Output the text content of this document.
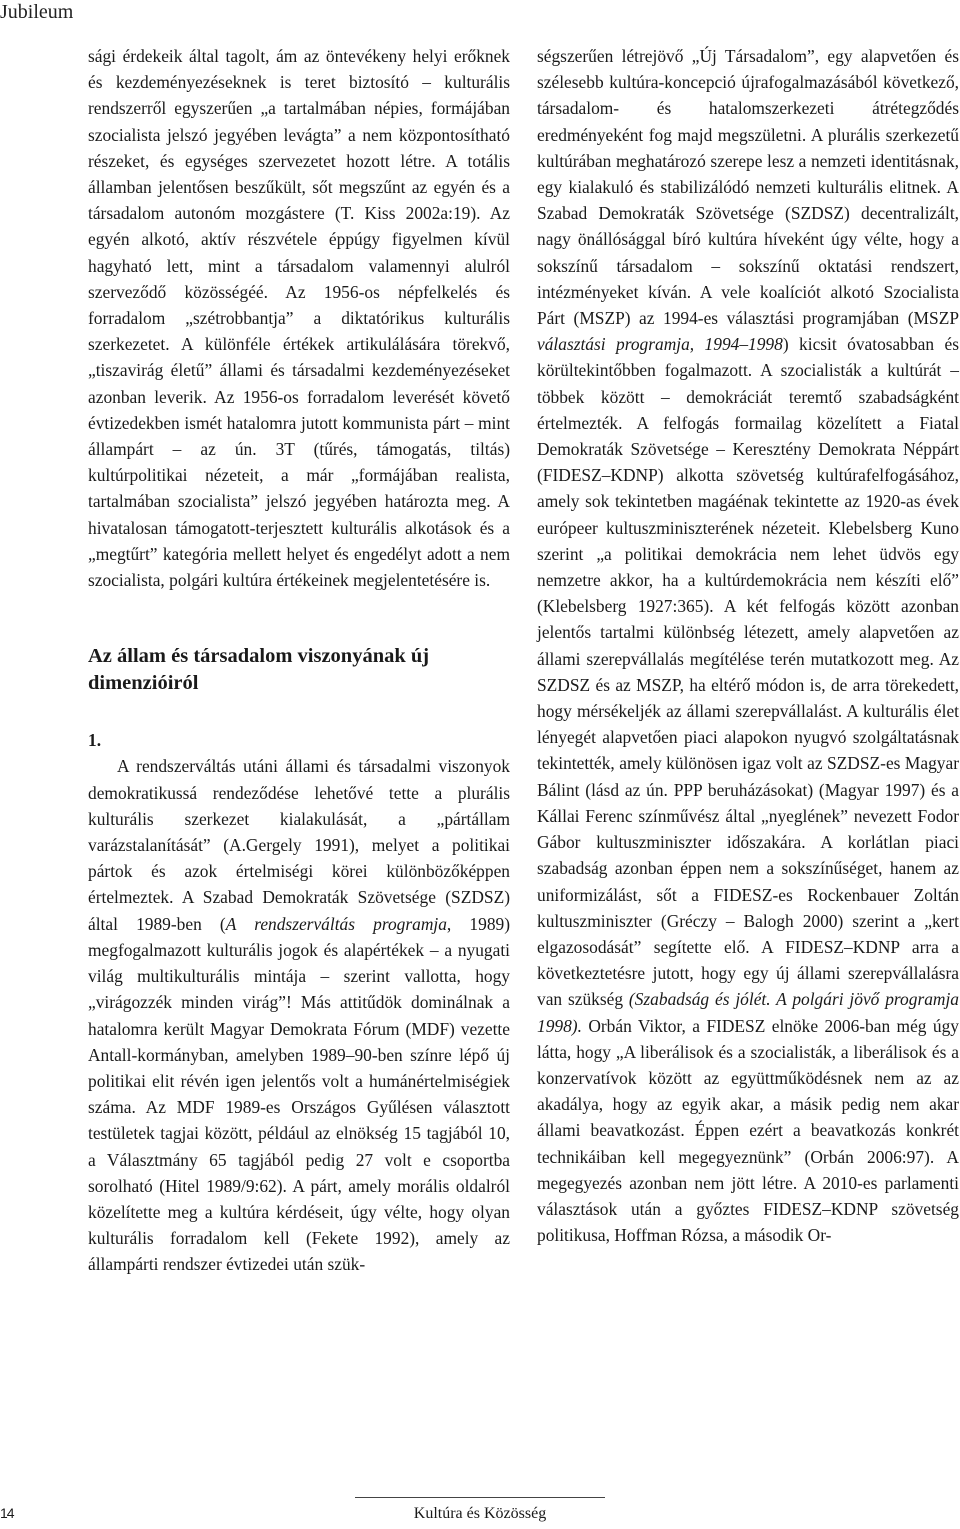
Jubileum

sági érdekeik által tagolt, ám az öntevékeny helyi erőknek és kezdeményezéseknek is teret biztosító – kulturális rendszerről egyszerűen „a tartalmában népies, formájában szocialista jelszó jegyében levágta” a nem központosítható részeket, és egységes szervezetet hozott létre. A totális államban jelentősen beszűkült, sőt megszűnt az egyén és a társadalom autonóm mozgástere (T. Kiss 2002a:19). Az egyén alkotó, aktív részvétele éppúgy figyelmen kívül hagyható lett, mint a társadalom valamennyi alulról szerveződő közösségéé. Az 1956-os népfelkelés és forradalom „szétrobbantja” a diktatórikus kulturális szerkezetet. A különféle értékek artikulálására törekvő, „tiszavirág életű” állami és társadalmi kezdeményezéseket azonban leverik. Az 1956-os forradalom leverését követő évtizedekben ismét hatalomra jutott kommunista párt – mint állampárt – az ún. 3T (tűrés, támogatás, tiltás) kultúrpolitikai nézeteit, a már „formájában realista, tartalmában szocialista” jelszó jegyében határozta meg. A hivatalosan támogatott-terjesztett kulturális alkotások és a „megtűrt” kategória mellett helyet és engedélyt adott a nem szocialista, polgári kultúra értékeinek megjelentetésére is.

Az állam és társadalom viszonyának új dimenzióiról

1.

A rendszerváltás utáni állami és társadalmi viszonyok demokratikussá rendeződése lehetővé tette a plurális kulturális szerkezet kialakulását, a „pártállam varázstalanítását” (A.Gergely 1991), melyet a politikai pártok és azok értelmiségi körei különbözőképpen értelmeztek. A Szabad Demokraták Szövetsége (SZDSZ) által 1989-ben (A rendszerváltás programja, 1989) megfogalmazott kulturális jogok és alapértékek – a nyugati világ multikulturális mintája – szerint vallotta, hogy „virágozzék minden virág”! Más attitűdök dominálnak a hatalomra került Magyar Demokrata Fórum (MDF) vezette Antall-kormányban, amelyben 1989–90-ben színre lépő új politikai elit révén igen jelentős volt a humánértelmiségiek száma. Az MDF 1989-es Országos Gyűlésen választott testületek tagjai között, például az elnökség 15 tagjából 10, a Választmány 65 tagjából pedig 27 volt e csoportba sorolható (Hitel 1989/9:62). A párt, amely morális oldalról közelítette meg a kultúra kérdéseit, úgy vélte, hogy olyan kulturális forradalom kell (Fekete 1992), amely az állampárti rendszer évtizedei után szük-

ségszerűen létrejövő „Új Társadalom”, egy alapvetően és szélesebb kultúra-koncepció újrafogalmazásából következő, társadalom- és hatalomszerkezeti átrétegződés eredményeként fog majd megszületni. A plurális szerkezetű kultúrában meghatározó szerepe lesz a nemzeti identitásnak, egy kialakuló és stabilizálódó nemzeti kulturális elitnek. A Szabad Demokraták Szövetsége (SZDSZ) decentralizált, nagy önállósággal bíró kultúra híveként úgy vélte, hogy a sokszínű társadalom – sokszínű oktatási rendszert, intézményeket kíván. A vele koalíciót alkotó Szocialista Párt (MSZP) az 1994-es választási programjában (MSZP választási programja, 1994–1998) kicsit óvatosabban és körültekintőbben fogalmazott. A szocialisták a kultúrát – többek között – demokráciát teremtő szabadságként értelmezték. A felfogás formailag közelített a Fiatal Demokraták Szövetsége – Keresztény Demokrata Néppárt (FIDESZ–KDNP) alkotta szövetség kultúrafelfogásához, amely sok tekintetben magáénak tekintette az 1920-as évek európeer kultuszminiszterének nézeteit. Klebelsberg Kuno szerint „a politikai demokrácia nem lehet üdvös egy nemzetre akkor, ha a kultúrdemokrácia nem készíti elő” (Klebelsberg 1927:365). A két felfogás között azonban jelentős tartalmi különbség létezett, amely alapvetően az állami szerepvállalás megítélése terén mutatkozott meg. Az SZDSZ és az MSZP, ha eltérő módon is, de arra törekedett, hogy mérsékeljék az állami szerepvállalást. A kulturális élet lényegét alapvetően piaci alapokon nyugvó szolgáltatásnak tekintették, amely különösen igaz volt az SZDSZ-es Magyar Bálint (lásd az ún. PPP beruházásokat) (Magyar 1997) és a Kállai Ferenc színművész által „nyeglének” nevezett Fodor Gábor kultuszminiszter időszakára. A korlátlan piaci szabadság azonban éppen nem a sokszínűséget, hanem az uniformizálást, sőt a FIDESZ-es Rockenbauer Zoltán kultuszminiszter (Gréczy – Balogh 2000) szerint a „kert elgazosodását” segítette elő. A FIDESZ–KDNP arra a következtetésre jutott, hogy egy új állami szerepvállalásra van szükség (Szabadság és jólét. A polgári jövő programja 1998). Orbán Viktor, a FIDESZ elnöke 2006-ban még úgy látta, hogy „A liberálisok és a szocialisták, a liberálisok és a konzervatívok között az együttműködésnek nem az az akadálya, hogy az egyik akar, a másik pedig nem akar állami beavatkozást. Éppen ezért a beavatkozás konkrét technikáiban kell megegyeznünk” (Orbán 2006:97). A megegyezés azonban nem jött létre. A 2010-es parlamenti választások után a győztes FIDESZ–KDNP szövetség politikusa, Hoffman Rózsa, a második Or-

14	Kultúra és Közösség
